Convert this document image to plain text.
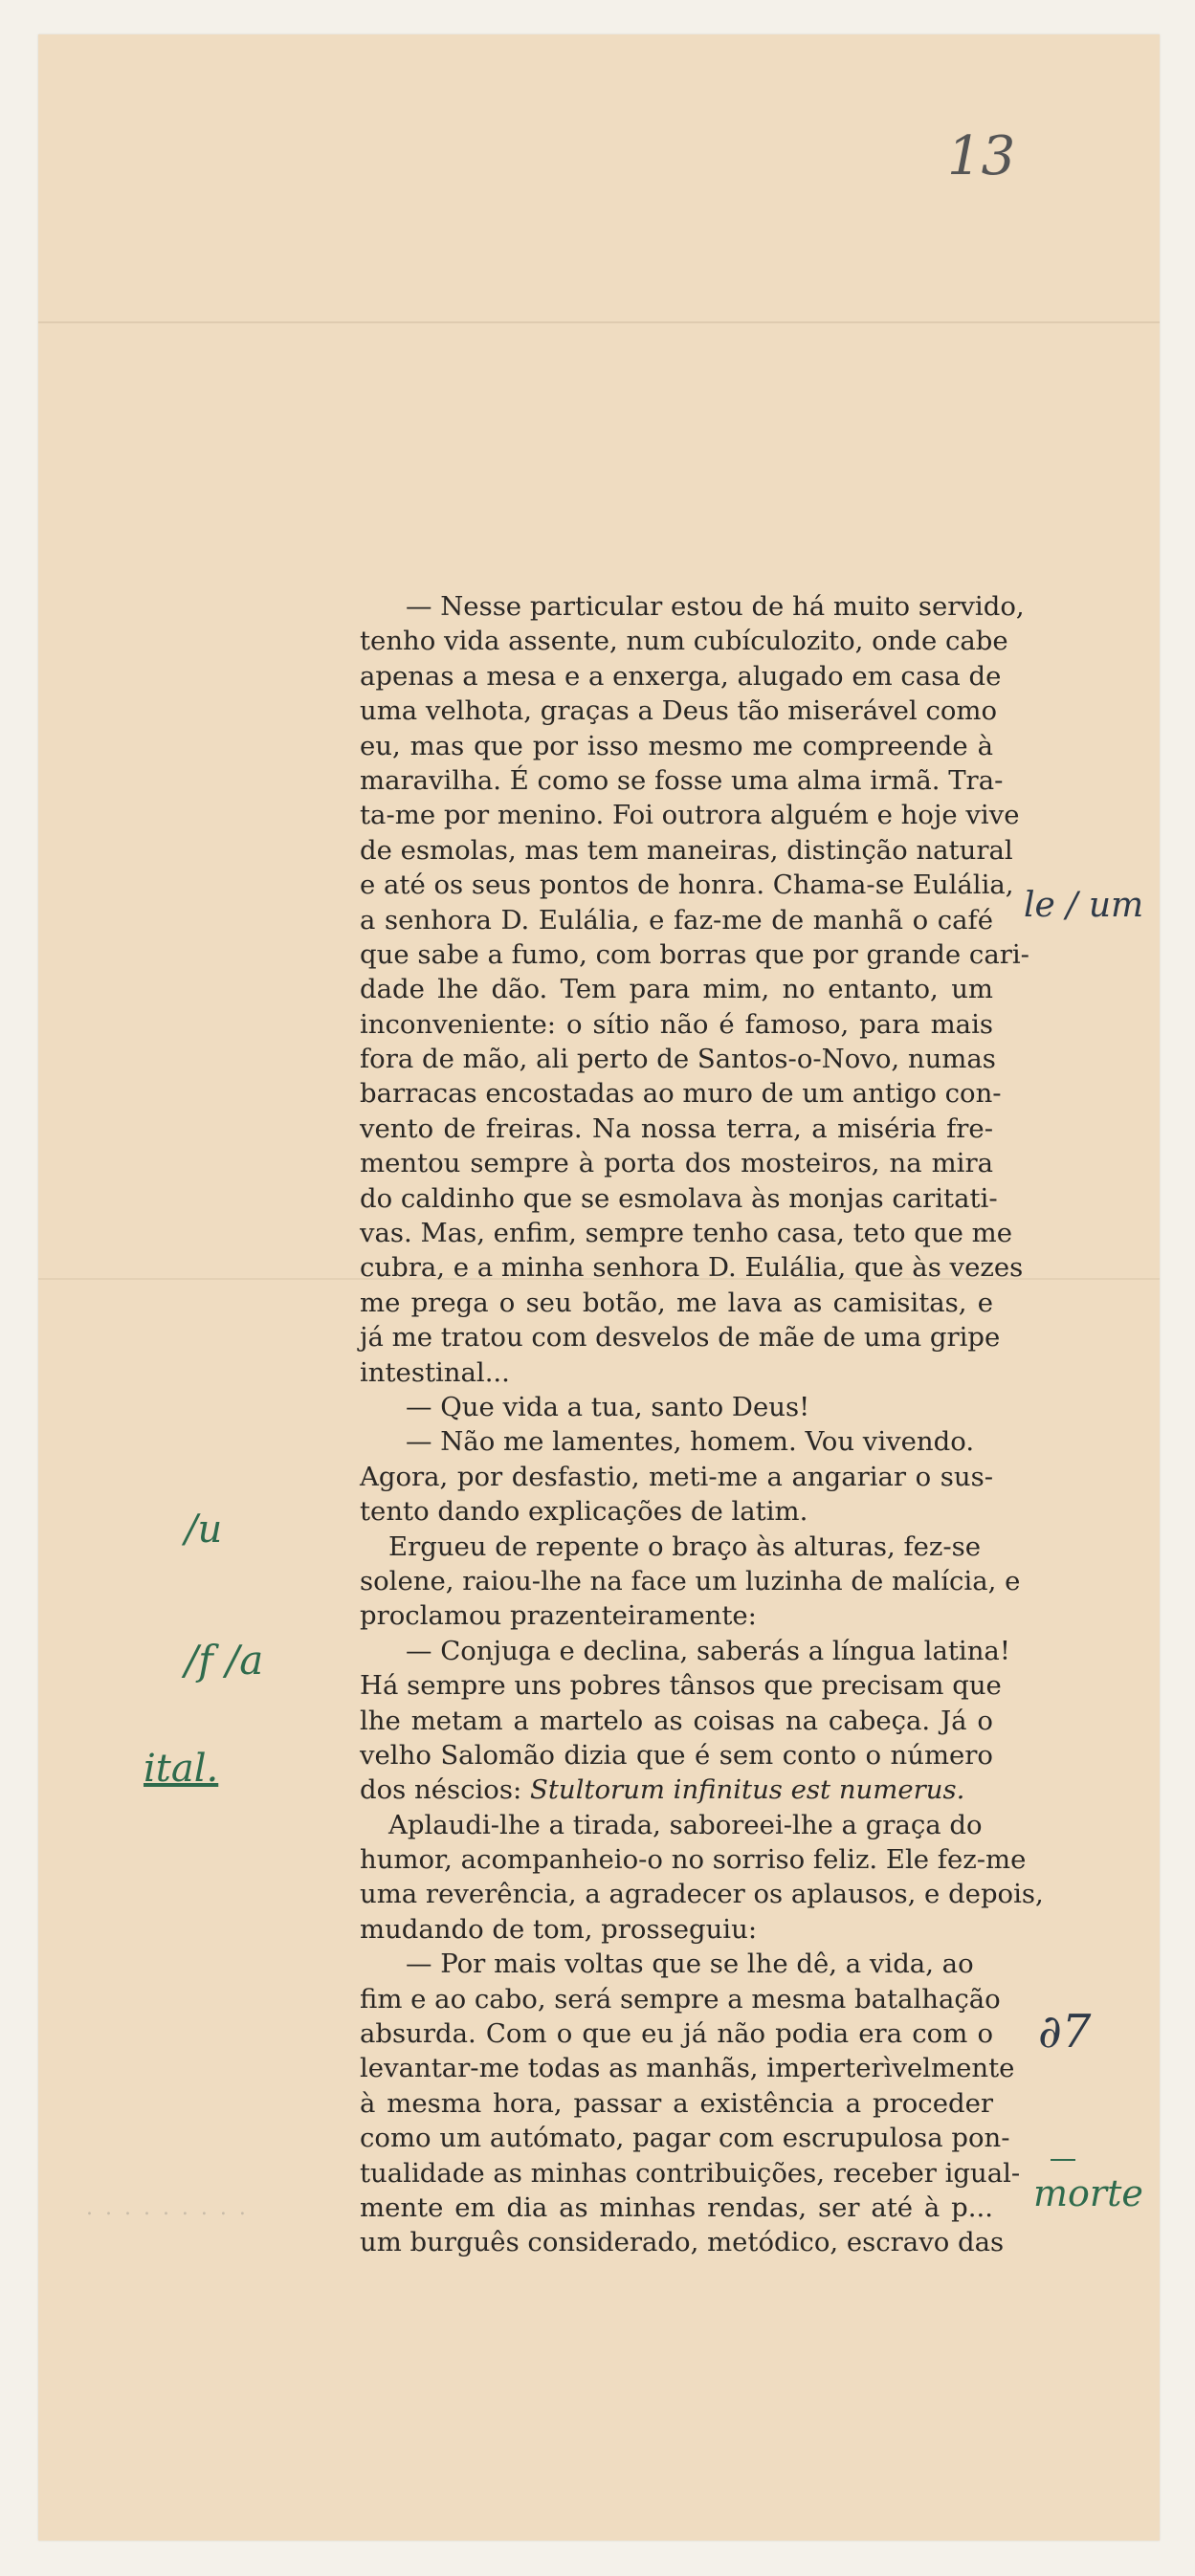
13
— Nesse particular estou de há muito servido,
tenho vida assente, num cubículozito, onde cabe
apenas a mesa e a enxerga, alugado em casa de
uma velhota, graças a Deus tão miserável como
eu, mas que por isso mesmo me compreende à
maravilha. É como se fosse uma alma irmã. Tra-
ta-me por menino. Foi outrora alguém e hoje vive
de esmolas, mas tem maneiras, distinção natural
e até os seus pontos de honra. Chama-se Eulália,
a senhora D. Eulália, e faz-me de manhã o café
que sabe a fumo, com borras que por grande cari-
dade lhe dão. Tem para mim, no entanto, um
inconveniente: o sítio não é famoso, para mais
fora de mão, ali perto de Santos-o-Novo, numas
barracas encostadas ao muro de um antigo con-
vento de freiras. Na nossa terra, a miséria fre-
mentou sempre à porta dos mosteiros, na mira
do caldinho que se esmolava às monjas caritati-
vas. Mas, enfim, sempre tenho casa, teto que me
cubra, e a minha senhora D. Eulália, que às vezes
me prega o seu botão, me lava as camisitas, e
já me tratou com desvelos de mãe de uma gripe
intestinal...
— Que vida a tua, santo Deus!
— Não me lamentes, homem. Vou vivendo.
Agora, por desfastio, meti-me a angariar o sus-
tento dando explicações de latim.
Ergueu de repente o braço às alturas, fez-se
solene, raiou-lhe na face um luzinha de malícia, e
proclamou prazenteiramente:
— Conjuga e declina, saberás a língua latina!
Há sempre uns pobres tânsos que precisam que
lhe metam a martelo as coisas na cabeça. Já o
velho Salomão dizia que é sem conto o número
dos néscios: Stultorum infinitus est numerus.
Aplaudi-lhe a tirada, saboreei-lhe a graça do
humor, acompanheio-o no sorriso feliz. Ele fez-me
uma reverência, a agradecer os aplausos, e depois,
mudando de tom, prosseguiu:
— Por mais voltas que se lhe dê, a vida, ao
fim e ao cabo, será sempre a mesma batalhação
absurda. Com o que eu já não podia era com o
levantar-me todas as manhãs, imperterìvelmente
à mesma hora, passar a existência a proceder
como um autómato, pagar com escrupulosa pon-
tualidade as minhas contribuições, receber igual-
mente em dia as minhas rendas, ser até à p...
um burguês considerado, metódico, escravo das
le / um
/u
/f /a
ital.
∂7
morte
. . . . . . . . .
